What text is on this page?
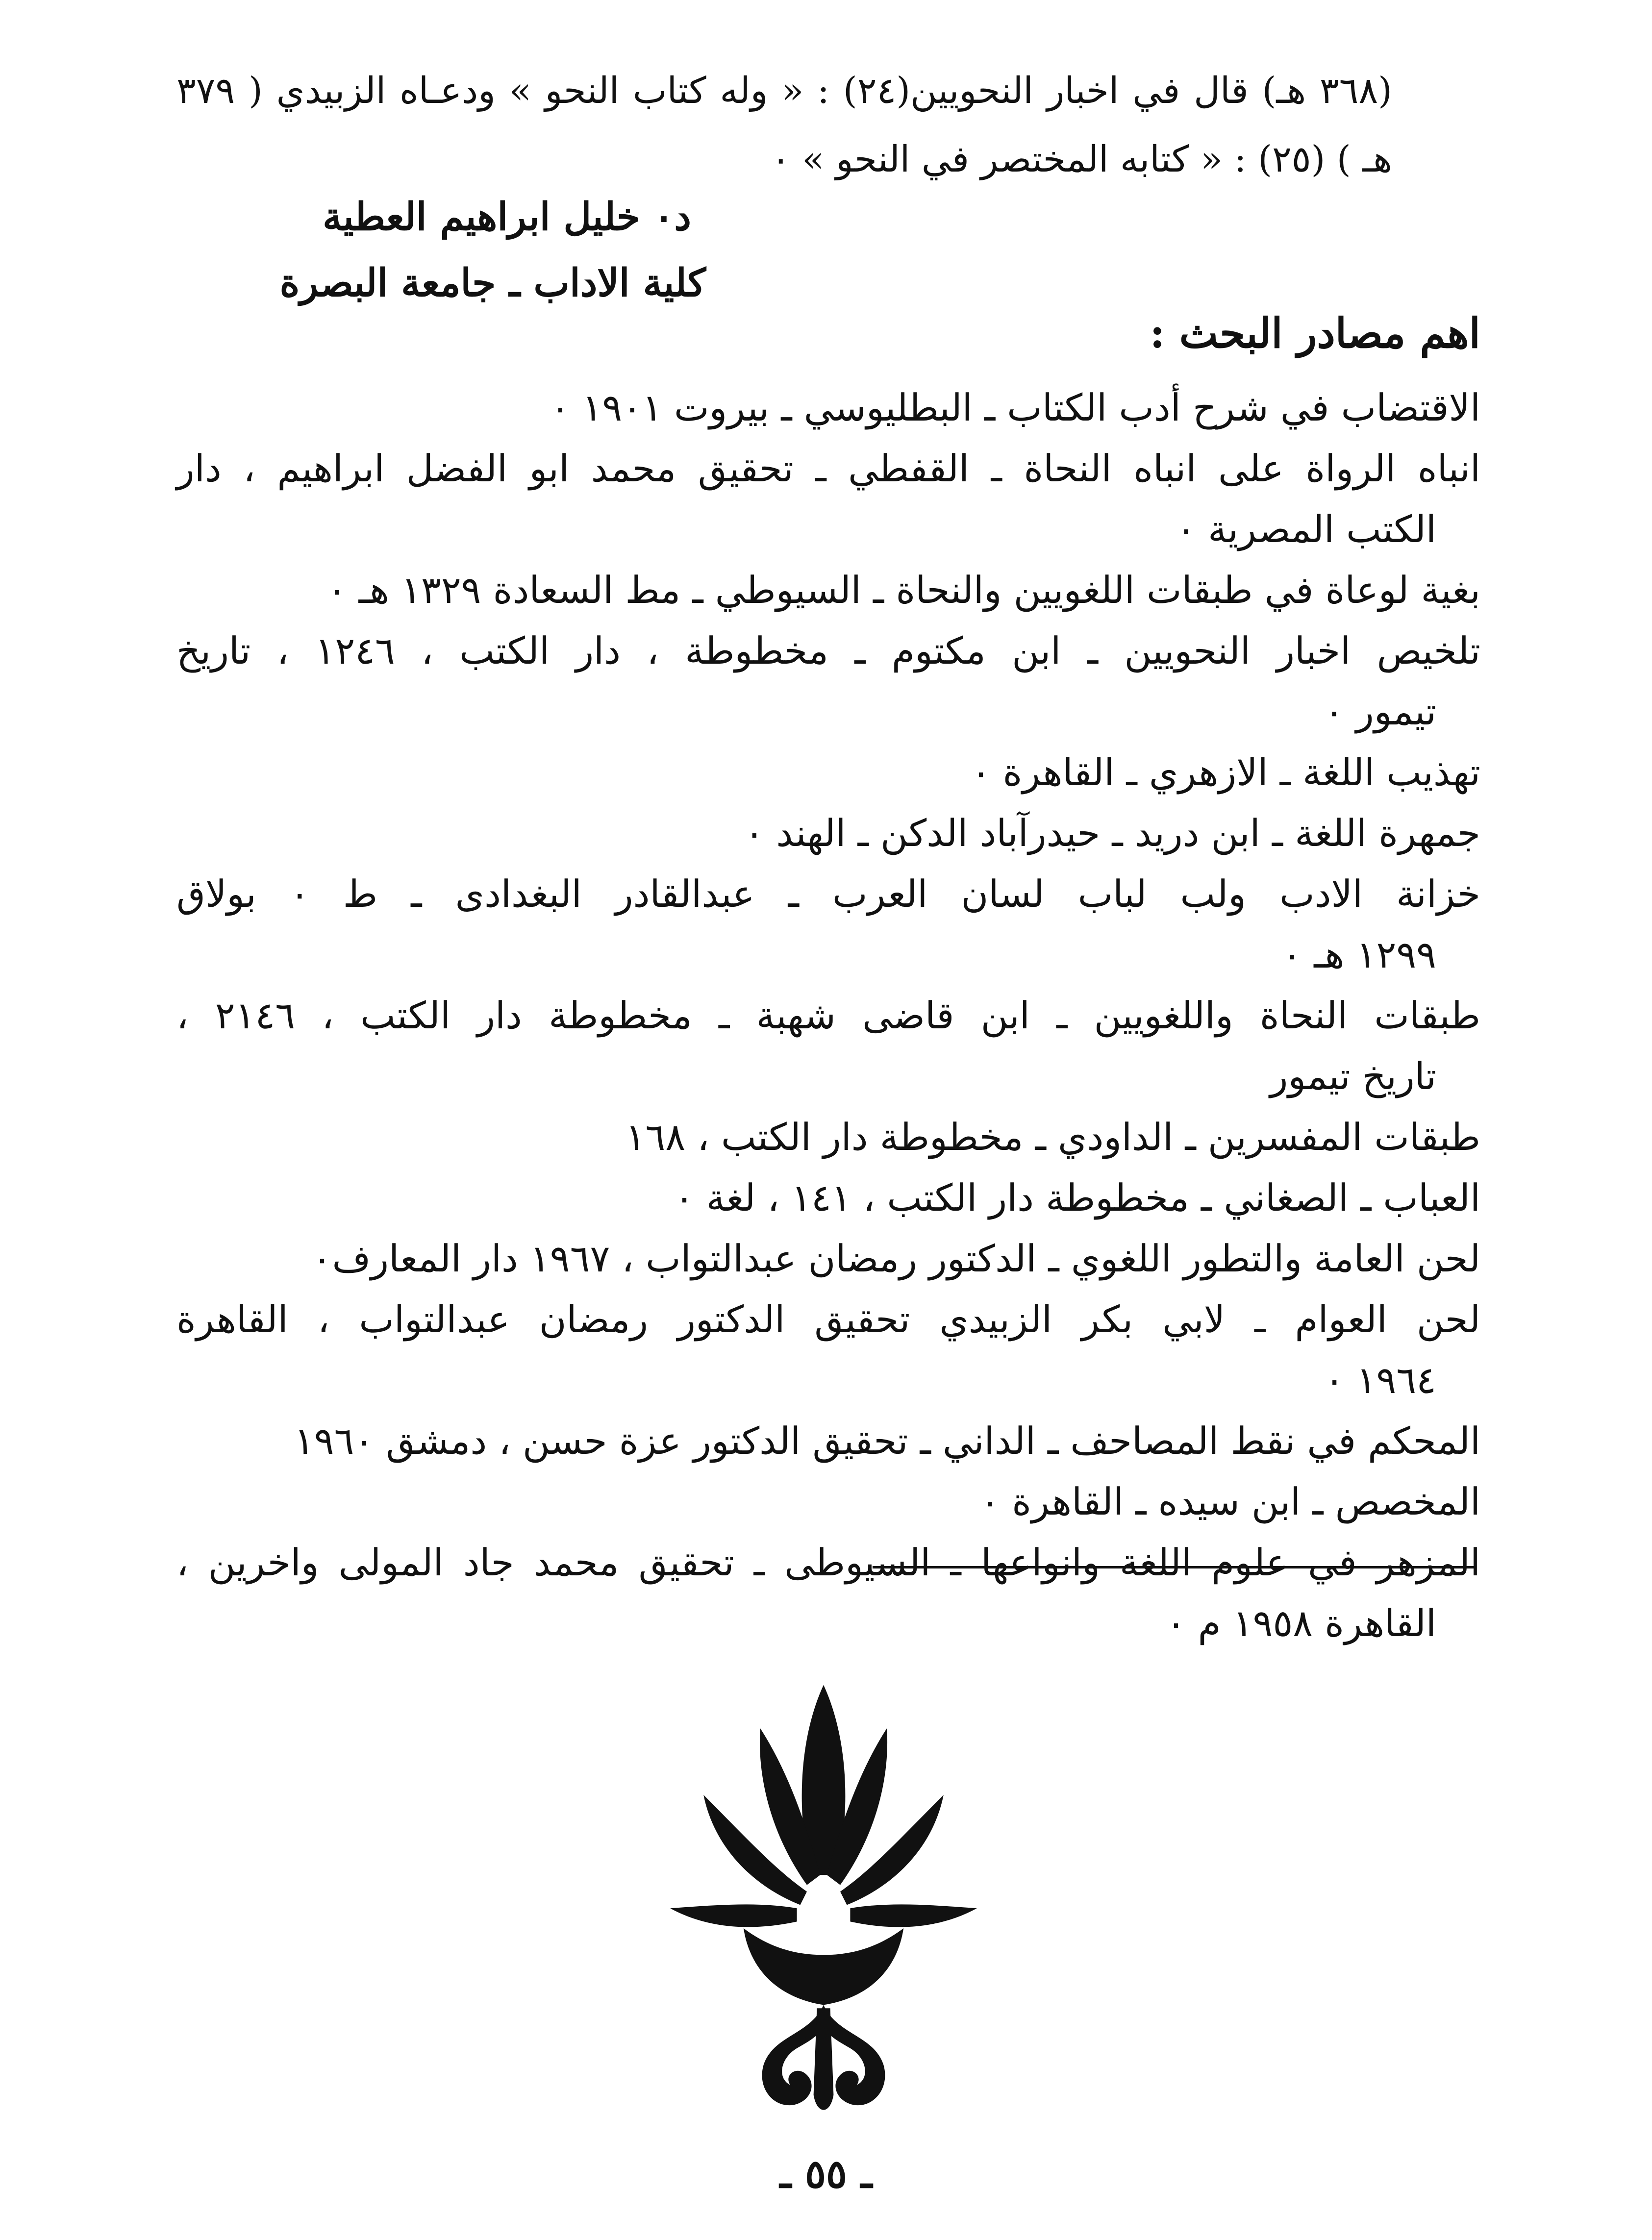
(٣٦٨ هـ) قال في اخبار النحويين(٢٤) : « وله كتاب النحو » ودعـاه الزبيدي ( ٣٧٩ هـ ) (٢٥) : « كتابه المختصر في النحو » ٠

د٠ خليل ابراهيم العطية
كلية الاداب ـ جامعة البصرة
اهم مصادر البحث :
الاقتضاب في شرح أدب الكتاب ـ البطليوسي ـ بيروت ١٩٠١ ٠
انباه الرواة على انباه النحاة ـ القفطي ـ تحقيق محمد ابو الفضل ابراهيم ، دار
الكتب المصرية ٠
بغية لوعاة في طبقات اللغويين والنحاة ـ السيوطي ـ مط السعادة ١٣٢٩ هـ ٠
تلخيص اخبار النحويين ـ ابن مكتوم ـ مخطوطة ، دار الكتب ، ١٢٤٦ ، تاريخ
تيمور ٠
تهذيب اللغة ـ الازهري ـ القاهرة ٠
جمهرة اللغة ـ ابن دريد ـ حيدرآباد الدكن ـ الهند ٠
خزانة الادب ولب لباب لسان العرب ـ عبدالقادر البغدادى ـ ط ٠ بولاق
١٢٩٩ هـ ٠
طبقات النحاة واللغويين ـ ابن قاضى شهبة ـ مخطوطة دار الكتب ، ٢١٤٦ ،
تاريخ تيمور
طبقات المفسرين ـ الداودي ـ مخطوطة دار الكتب ، ١٦٨
العباب ـ الصغاني ـ مخطوطة دار الكتب ، ١٤١ ، لغة ٠
لحن العامة والتطور اللغوي ـ الدكتور رمضان عبدالتواب ، ١٩٦٧ دار المعارف٠
لحن العوام ـ لابي بكر الزبيدي تحقيق الدكتور رمضان عبدالتواب ، القاهرة
١٩٦٤ ٠
المحكم في نقط المصاحف ـ الداني ـ تحقيق الدكتور عزة حسن ، دمشق ١٩٦٠
المخصص ـ ابن سيده ـ القاهرة ٠
المزهر في علوم اللغة وانواعها ـ السيوطى ـ تحقيق محمد جاد المولى واخرين ،
القاهرة ١٩٥٨ م ٠
ـ ٥٥ ـ
